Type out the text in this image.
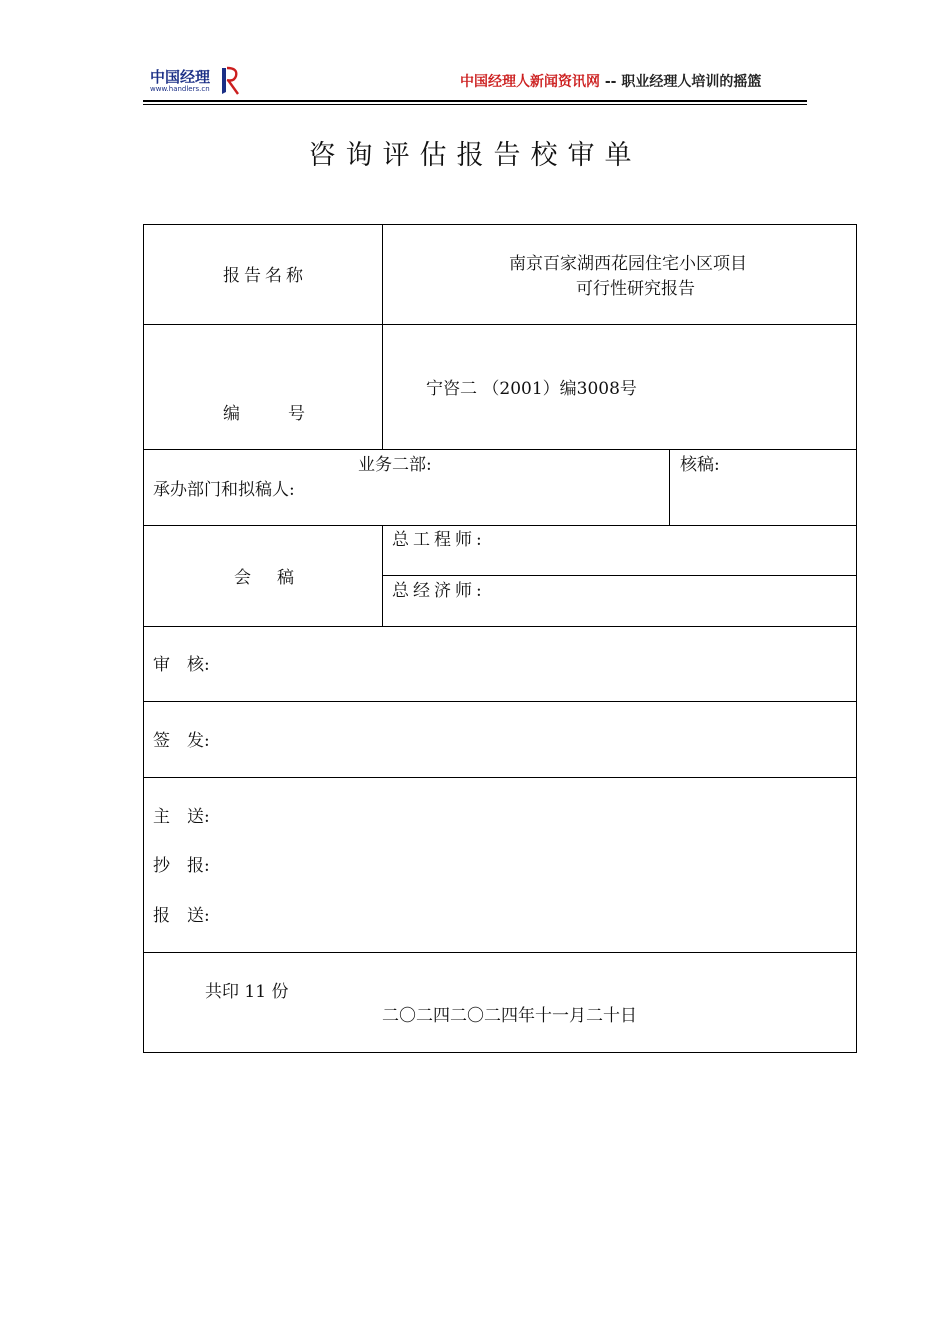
中国经理
www.handlers.cn	中国经理人新闻资讯网 -- 职业经理人培训的摇篮
咨询评估报告校审单
报告名称
南京百家湖西花园住宅小区项目
可行性研究报告
编	号
宁咨二 （2001）编3008号
业务二部:
承办部门和拟稿人:
核稿:
会 稿
总工程师:
总经济师:
审　核:
签　发:
主　送:
抄　报:
报　送:
共印 11 份
二〇二四二〇二四年十一月二十日
